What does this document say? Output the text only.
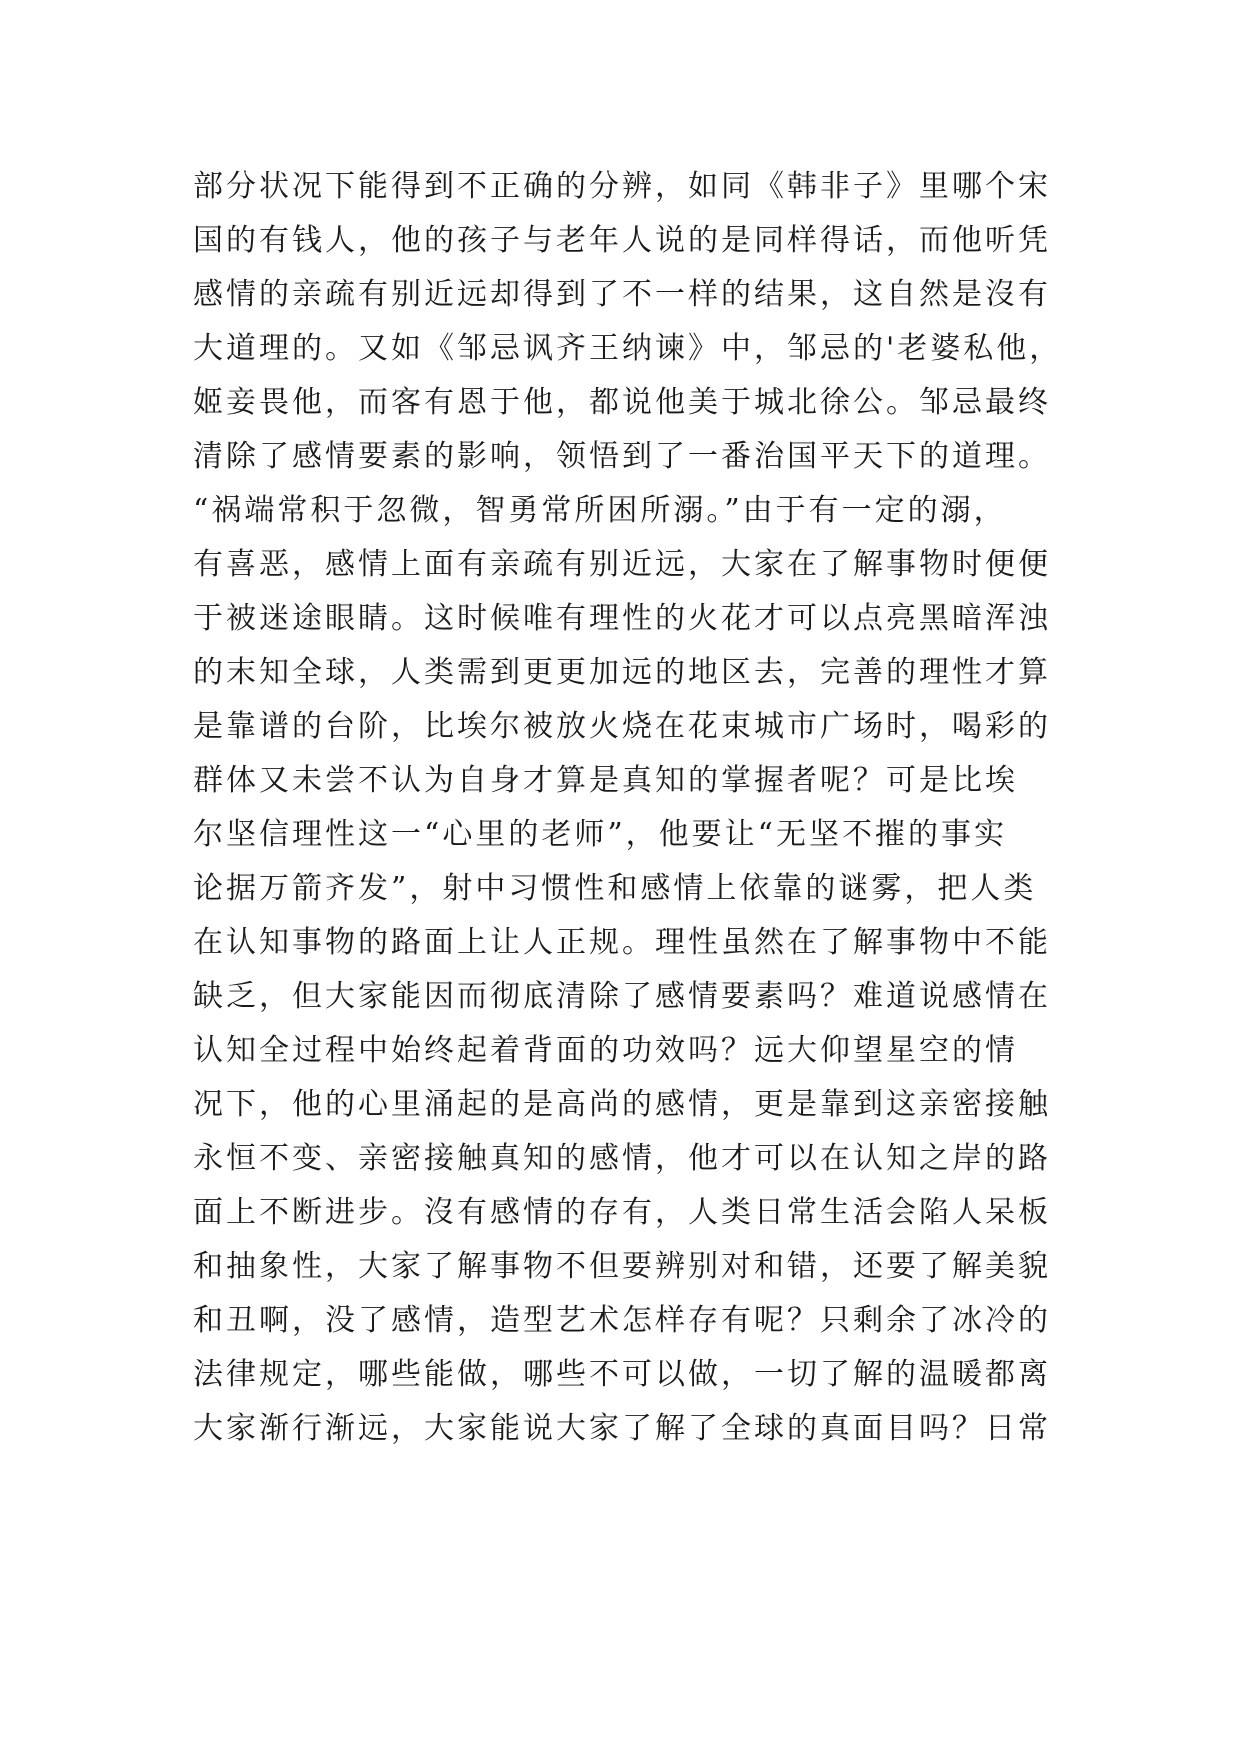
部分状况下能得到不正确的分辨，如同《韩非子》里哪个宋
国的有钱人，他的孩子与老年人说的是同样得话，而他听凭
感情的亲疏有别近远却得到了不一样的结果，这自然是沒有
大道理的。又如《邹忌讽齐王纳谏》中，邹忌的'老婆私他，
姬妾畏他，而客有恩于他，都说他美于城北徐公。邹忌最终
清除了感情要素的影响，领悟到了一番治国平天下的道理。
“祸端常积于忽微，智勇常所困所溺。”由于有一定的溺，
有喜恶，感情上面有亲疏有别近远，大家在了解事物时便便
于被迷途眼睛。这时候唯有理性的火花才可以点亮黑暗浑浊
的末知全球，人类需到更更加远的地区去，完善的理性才算
是靠谱的台阶，比埃尔被放火烧在花束城市广场时，喝彩的
群体又未尝不认为自身才算是真知的掌握者呢？可是比埃
尔坚信理性这一“心里的老师”，他要让“无坚不摧的事实
论据万箭齐发”，射中习惯性和感情上依靠的谜雾，把人类
在认知事物的路面上让人正规。理性虽然在了解事物中不能
缺乏，但大家能因而彻底清除了感情要素吗？难道说感情在
认知全过程中始终起着背面的功效吗？远大仰望星空的情
况下，他的心里涌起的是高尚的感情，更是靠到这亲密接触
永恒不变、亲密接触真知的感情，他才可以在认知之岸的路
面上不断进步。沒有感情的存有，人类日常生活会陷人呆板
和抽象性，大家了解事物不但要辨别对和错，还要了解美貌
和丑啊，没了感情，造型艺术怎样存有呢？只剩余了冰冷的
法律规定，哪些能做，哪些不可以做，一切了解的温暖都离
大家渐行渐远，大家能说大家了解了全球的真面目吗？日常
